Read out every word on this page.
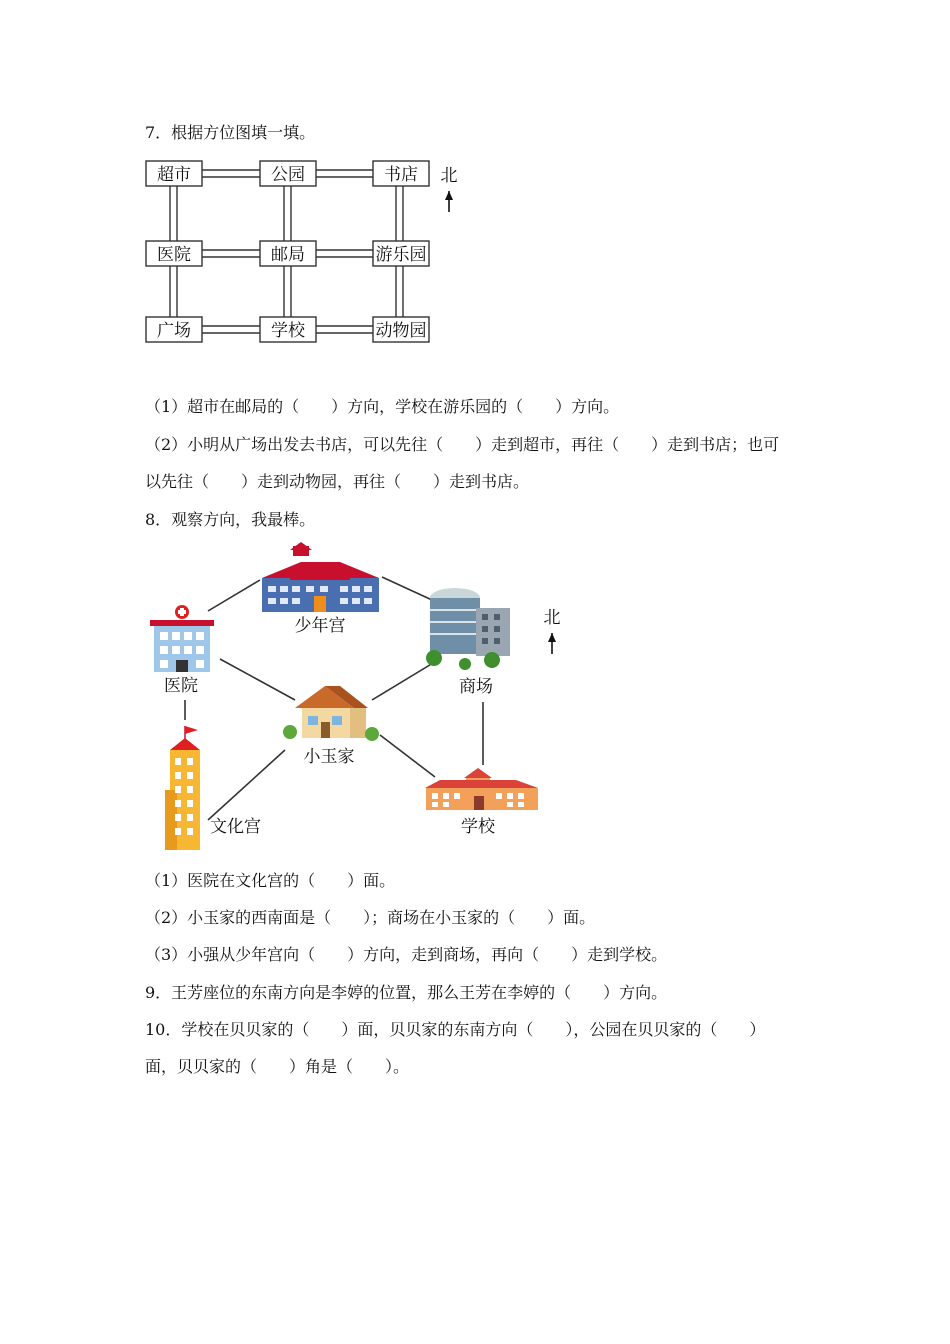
7．根据方位图填一填。
超市	公园	书店
医院	邮局	游乐园
广场	学校	动物园
北
（1）超市在邮局的（　　）方向，学校在游乐园的（　　）方向。
（2）小明从广场出发去书店，可以先往（　　）走到超市，再往（　　）走到书店；也可
以先往（　　）走到动物园，再往（　　）走到书店。
8．观察方向，我最棒。
少年宫
医院	商场
小玉家
文化宫	学校
北
（1）医院在文化宫的（　　）面。
（2）小玉家的西南面是（　　）；商场在小玉家的（　　）面。
（3）小强从少年宫向（　　）方向，走到商场，再向（　　）走到学校。
9．王芳座位的东南方向是李婷的位置，那么王芳在李婷的（　　）方向。
10．学校在贝贝家的（　　）面，贝贝家的东南方向（　　），公园在贝贝家的（　　）
面，贝贝家的（　　）角是（　　）。
